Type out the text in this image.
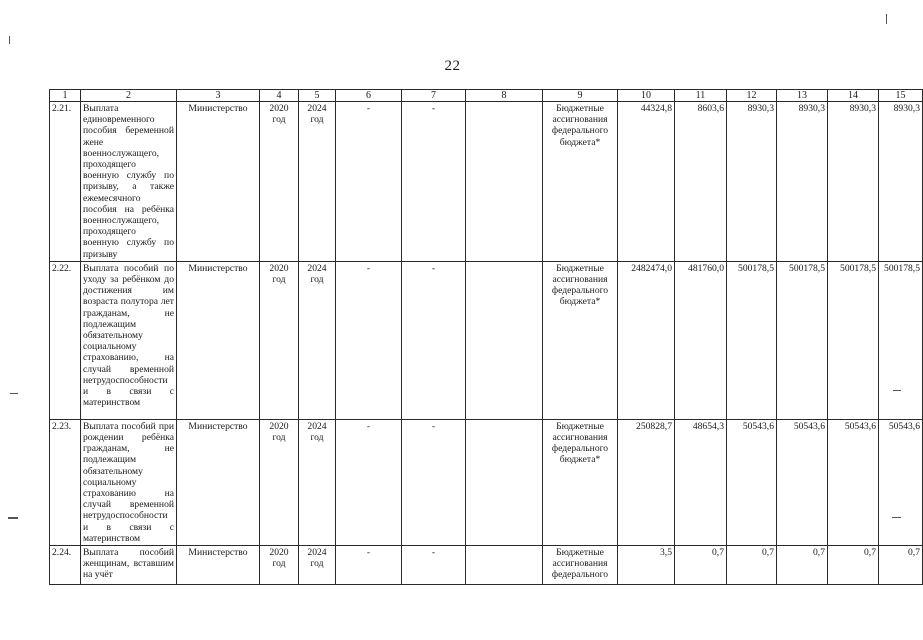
22
1	2	3	4	5	6	7	8	9	10	11	12	13	14	15
2.21.	Выплата единовременного пособия беременной жене военнослужащего, проходящего военную службу по призыву, а также ежемесячного пособия на ребёнка военнослужащего, проходящего военную службу по призыву	Министерство	2020 год	2024 год	-	-		Бюджетные ассигнования федерального бюджета*	44324,8	8603,6	8930,3	8930,3	8930,3	8930,3
2.22.	Выплата пособий по уходу за ребёнком до достижения им возраста полутора лет гражданам, не подлежащим обязательному социальному страхованию, на случай временной нетрудоспособности и в связи с материнством	Министерство	2020 год	2024 год	-	-		Бюджетные ассигнования федерального бюджета*	2482474,0	481760,0	500178,5	500178,5	500178,5	500178,5
2.23.	Выплата пособий при рождении ребёнка гражданам, не подлежащим обязательному социальному страхованию на случай временной нетрудоспособности и в связи с материнством	Министерство	2020 год	2024 год	-	-		Бюджетные ассигнования федерального бюджета*	250828,7	48654,3	50543,6	50543,6	50543,6	50543,6
2.24.	Выплата пособий женщинам, вставшим на учёт	Министерство	2020 год	2024 год	-	-		Бюджетные ассигнования федерального	3,5	0,7	0,7	0,7	0,7	0,7
